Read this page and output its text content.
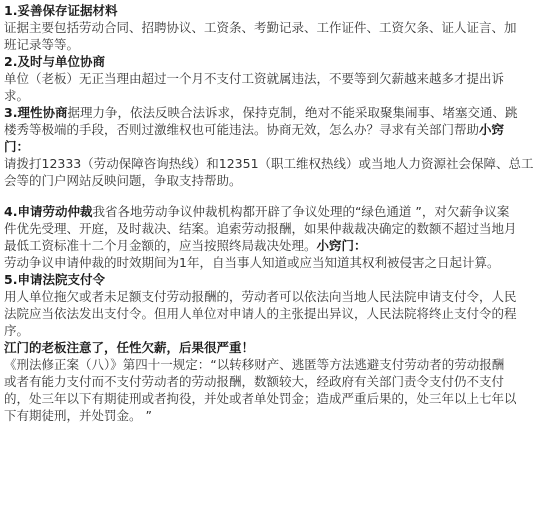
1.妥善保存证据材料
证据主要包括劳动合同、招聘协议、工资条、考勤记录、工作证件、工资欠条、证人证言、加
班记录等等。
2.及时与单位协商
单位（老板）无正当理由超过一个月不支付工资就属违法，不要等到欠薪越来越多才提出诉
求。
3.理性协商据理力争，依法反映合法诉求，保持克制，绝对不能采取聚集闹事、堵塞交通、跳
楼秀等极端的手段，否则过激维权也可能违法。协商无效，怎么办？寻求有关部门帮助小窍
门：
请拨打12333（劳动保障咨询热线）和12351（职工维权热线）或当地人力资源社会保障、总工
会等的门户网站反映问题，争取支持帮助。
4.申请劳动仲裁我省各地劳动争议仲裁机构都开辟了争议处理的“绿色通道 ”，对欠薪争议案
件优先受理、开庭，及时裁决、结案。追索劳动报酬，如果仲裁裁决确定的数额不超过当地月
最低工资标准十二个月金额的，应当按照终局裁决处理。小窍门：
劳动争议申请仲裁的时效期间为1年，自当事人知道或应当知道其权利被侵害之日起计算。
5.申请法院支付令
用人单位拖欠或者未足额支付劳动报酬的，劳动者可以依法向当地人民法院申请支付令，人民
法院应当依法发出支付令。但用人单位对申请人的主张提出异议，人民法院将终止支付令的程
序。
江门的老板注意了，任性欠薪，后果很严重！
《刑法修正案（八）》第四十一规定：“以转移财产、逃匿等方法逃避支付劳动者的劳动报酬
或者有能力支付而不支付劳动者的劳动报酬，数额较大，经政府有关部门责令支付仍不支付
的，处三年以下有期徒刑或者拘役，并处或者单处罚金；造成严重后果的，处三年以上七年以
下有期徒刑，并处罚金。 ”
